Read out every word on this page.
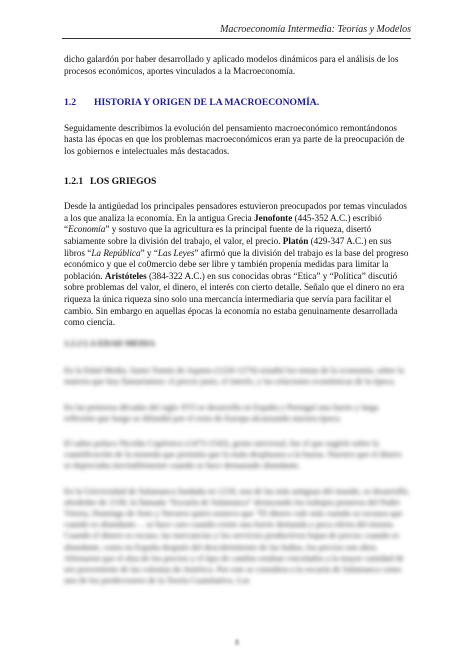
Macroeconomía Intermedia: Teorías y Modelos

dicho galardón por haber desarrollado y aplicado modelos dinámicos para el análisis de los procesos económicos, aportes vinculados a la Macroeconomía.

1.2 HISTORIA Y ORIGEN DE LA MACROECONOMÍA.

Seguidamente describimos la evolución del pensamiento macroeconómico remontándonos hasta las épocas en que los problemas macroeconómicos eran ya parte de la preocupación de los gobiernos e intelectuales más destacados.

1.2.1 LOS GRIEGOS

Desde la antigüedad los principales pensadores estuvieron preocupados por temas vinculados a los que analiza la economía. En la antigua Grecia Jenofonte (445-352 A.C.) escribió “Economía” y sostuvo que la agricultura es la principal fuente de la riqueza, disertó sabiamente sobre la división del trabajo, el valor, el precio. Platón (429-347 A.C.) en sus libros “La República” y “Las Leyes” afirmó que la división del trabajo es la base del progreso económico y que el co0mercio debe ser libre y también propenía medidas para limitar la población. Aristóteles (384-322 A.C.) en sus conocidas obras “Etica” y “Política” discutió sobre problemas del valor, el dinero, el interés con cierto detalle. Señalo que el dinero no era riqueza la única riqueza sino solo una mercancía intermediaria que servía para facilitar el cambio. Sin embargo en aquellas épocas la economía no estaba genuinamente desarrollada como ciencia.

1.2.2 LA EDAD MEDIA

En la Edad Media, Santo Tomás de Aquino (1226-1274) estudió los temas de la economía, sobre la materia que hoy llamaríamos: el precio justo, el interés, y las relaciones económicas de la época.

En las primeras décadas del siglo XVI se desarrolla en España y Portugal una fuerte y larga reflexión que luego se difundió por el resto de Europa alcanzando nuestra época.

El sabio polaco Nicolás Copérnico (1473-1543), genio universal, fue el que sugirió sobre la cuantificación de la moneda que permitía que la mala desplazara a la buena. Nuestro que el dinero se depreciaba inevitablemente cuando se hace demasiado abundante.

En la Universidad de Salamanca fundada en 1218, una de las más antiguas del mundo, se desarrolló, alrededor de 1530, la llamada “Escuela de Salamanca” destacando los trabajos pioneros del Padre Vitoria, Domingo de Soto y Navarro quien sostuvo que “El dinero vale más cuando se escasea que cuando es abundante… se hace caro cuando existe una fuerte demanda y poca oferta del mismo. Cuando el dinero es escaso, las mercancías y los servicios productivos bajan de precio; cuando es abundante, como en España después del descubrimiento de las Indias, los precios son altos. Afirmaron que el alza de los precios y el tipo de cambio estaban vinculados a la mayor cantidad de oro proveniente de las colonias de América. Por este se considera a la escuela de Salamanca como uno de los predecesores de la Teoría Cuantitativa. Los

8
